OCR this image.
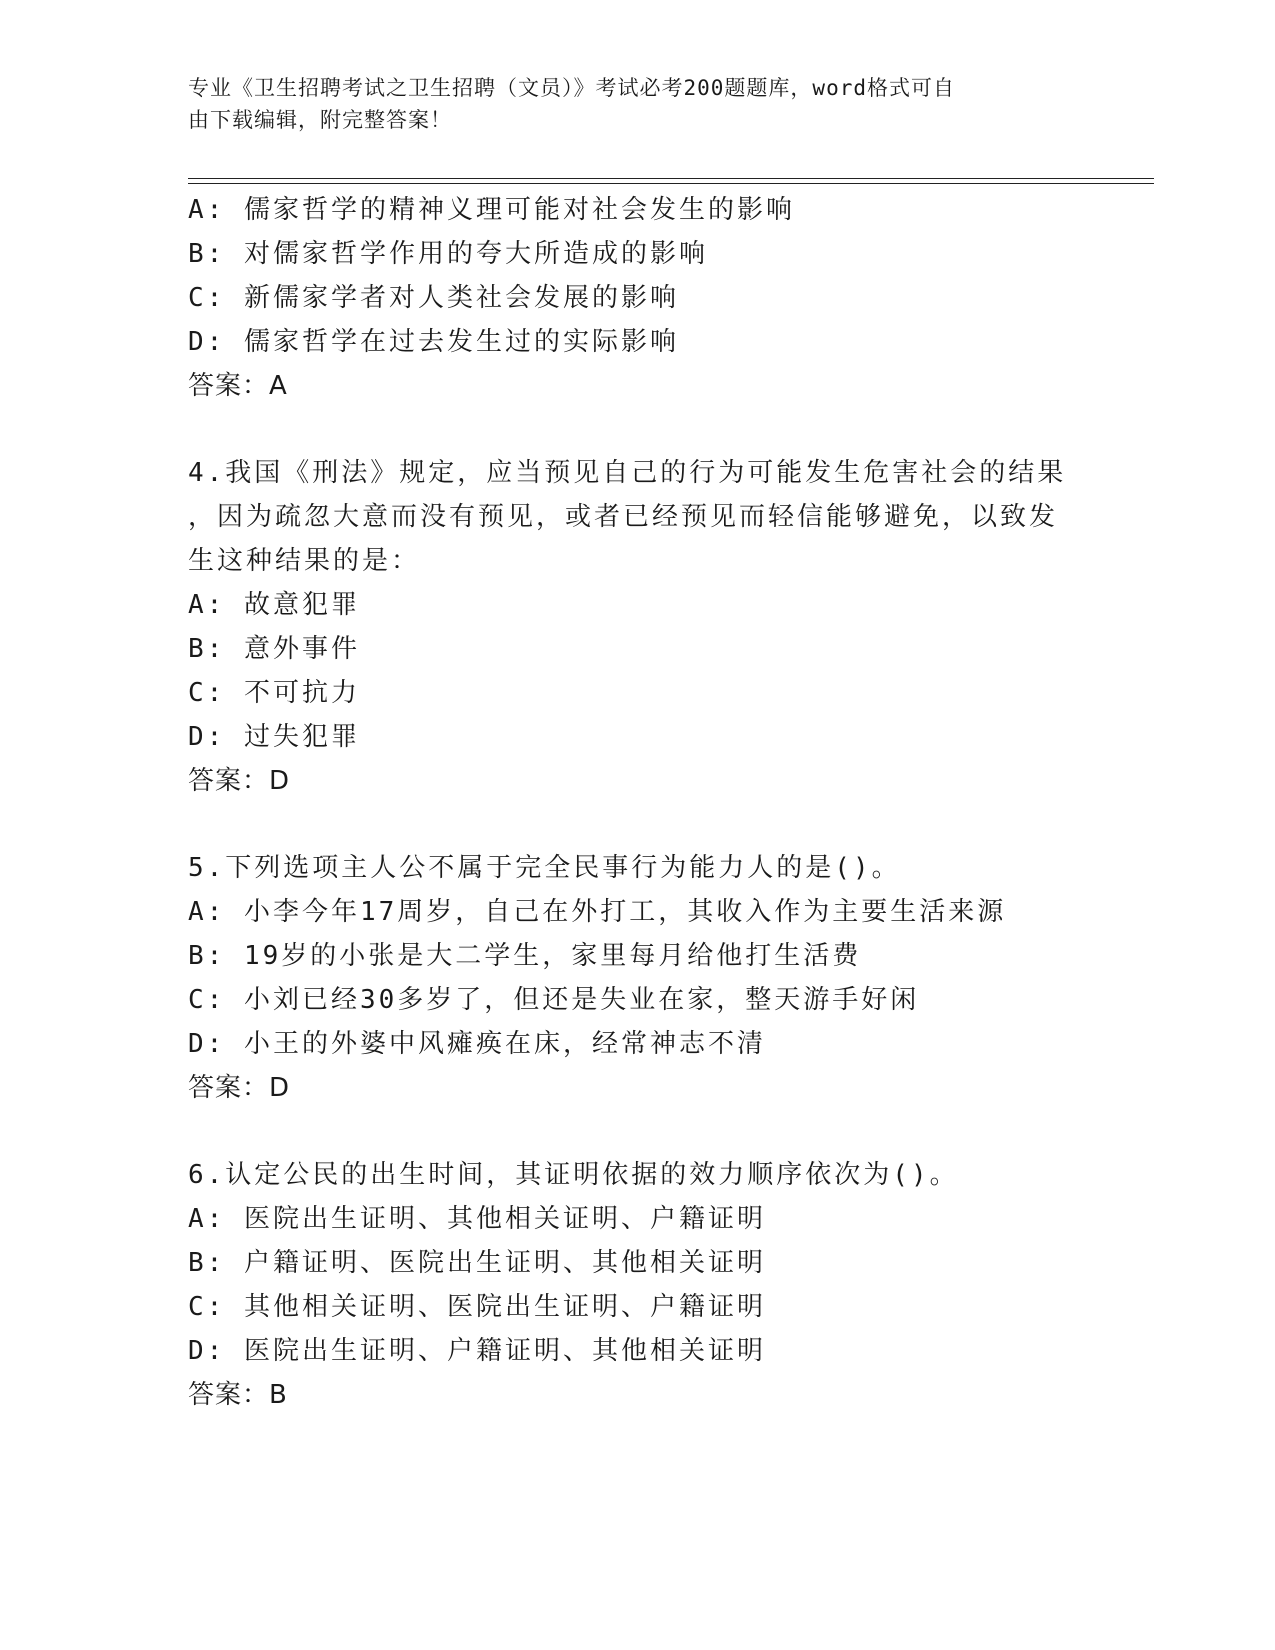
专业《卫生招聘考试之卫生招聘（文员）》考试必考200题题库，word格式可自
由下载编辑，附完整答案！
A: 儒家哲学的精神义理可能对社会发生的影响
B: 对儒家哲学作用的夸大所造成的影响
C: 新儒家学者对人类社会发展的影响
D: 儒家哲学在过去发生过的实际影响
答案：A
4.我国《刑法》规定，应当预见自己的行为可能发生危害社会的结果
，因为疏忽大意而没有预见，或者已经预见而轻信能够避免，以致发
生这种结果的是：
A: 故意犯罪
B: 意外事件
C: 不可抗力
D: 过失犯罪
答案：D
5.下列选项主人公不属于完全民事行为能力人的是()。
A: 小李今年17周岁，自己在外打工，其收入作为主要生活来源
B: 19岁的小张是大二学生，家里每月给他打生活费
C: 小刘已经30多岁了，但还是失业在家，整天游手好闲
D: 小王的外婆中风瘫痪在床，经常神志不清
答案：D
6.认定公民的出生时间，其证明依据的效力顺序依次为()。
A: 医院出生证明、其他相关证明、户籍证明
B: 户籍证明、医院出生证明、其他相关证明
C: 其他相关证明、医院出生证明、户籍证明
D: 医院出生证明、户籍证明、其他相关证明
答案：B
